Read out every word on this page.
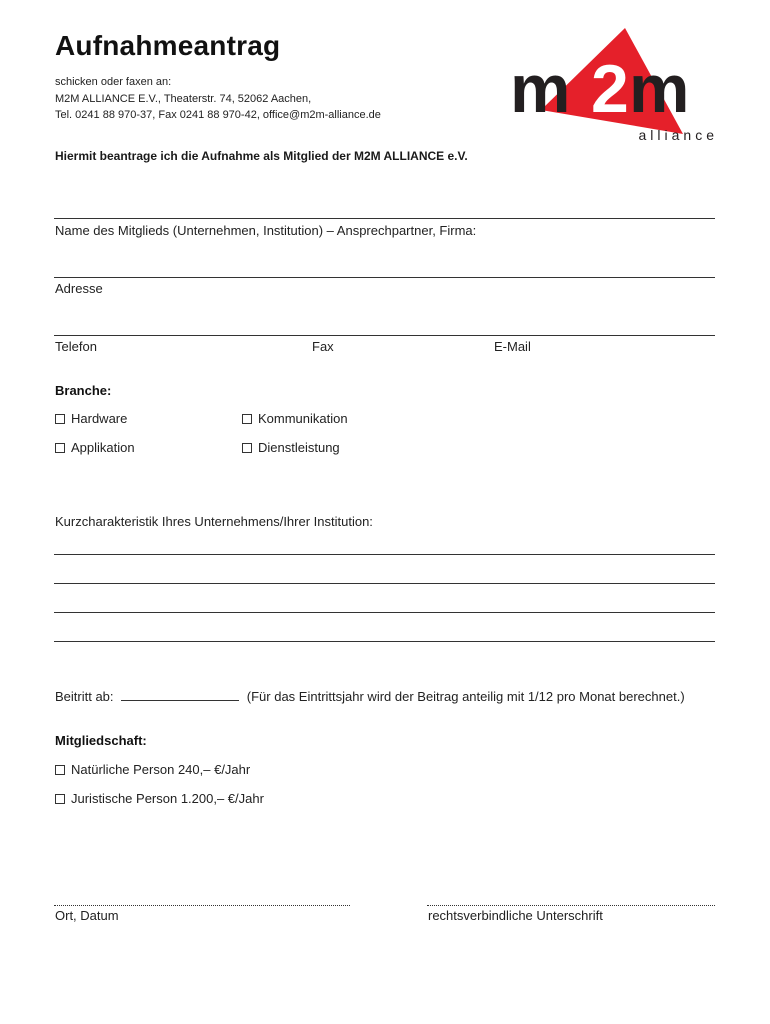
Aufnahmeantrag
schicken oder faxen an:
M2M ALLIANCE E.V., Theaterstr. 74, 52062 Aachen,
Tel. 0241 88 970-37, Fax 0241 88 970-42, office@m2m-alliance.de m 2 m
alliance
Hiermit beantrage ich die Aufnahme als Mitglied der M2M ALLIANCE e.V.
Name des Mitglieds (Unternehmen, Institution) – Ansprechpartner, Firma:
Adresse
Telefon	Fax	E-Mail
Branche:
Hardware	Kommunikation
Applikation	Dienstleistung
Kurzcharakteristik Ihres Unternehmens/Ihrer Institution:
Beitritt ab:	(Für das Eintrittsjahr wird der Beitrag anteilig mit 1/12 pro Monat berechnet.)
Mitgliedschaft:
Natürliche Person 240,– €/Jahr
Juristische Person 1.200,– €/Jahr
Ort, Datum	rechtsverbindliche Unterschrift
